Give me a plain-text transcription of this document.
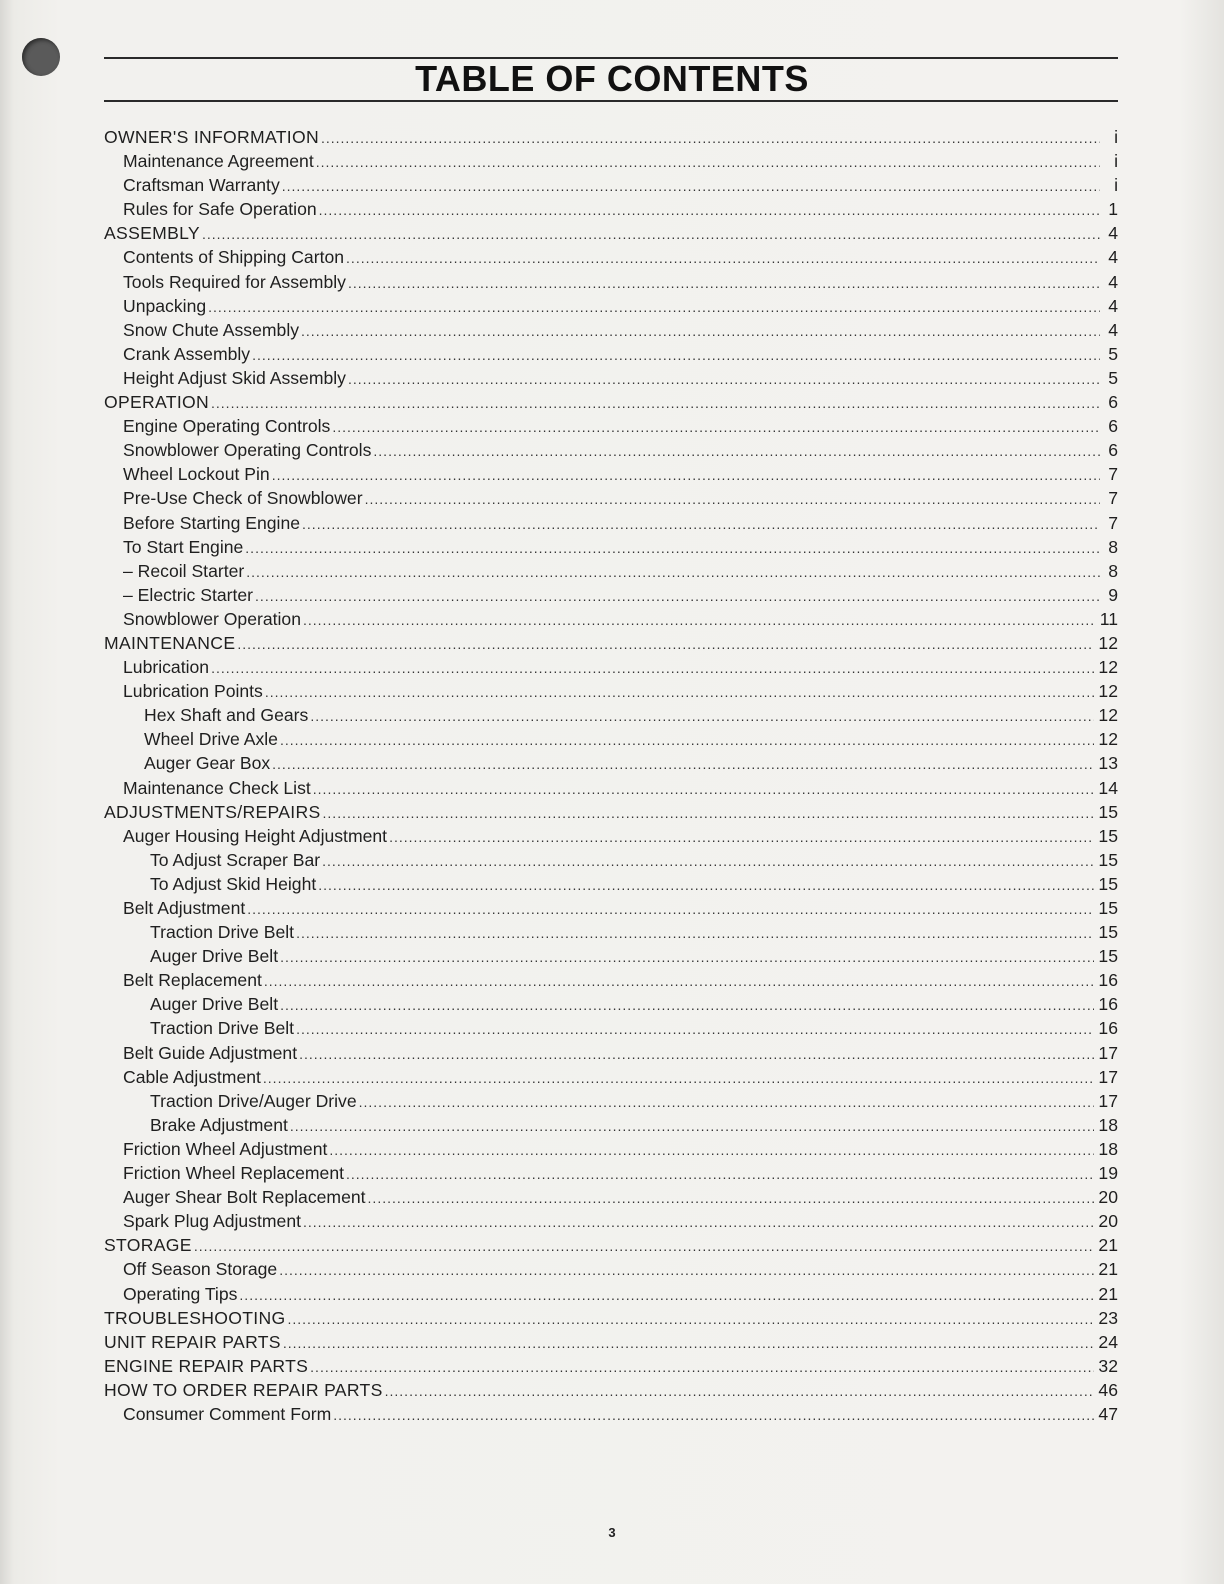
TABLE OF CONTENTS
OWNER'S INFORMATION .....	i
Maintenance Agreement .....	i
Craftsman Warranty .....	i
Rules for Safe Operation .....	1
ASSEMBLY .....	4
Contents of Shipping Carton .....	4
Tools Required for Assembly .....	4
Unpacking .....	4
Snow Chute Assembly .....	4
Crank Assembly .....	5
Height Adjust Skid Assembly .....	5
OPERATION .....	6
Engine Operating Controls .....	6
Snowblower Operating Controls .....	6
Wheel Lockout Pin .....	7
Pre-Use Check of Snowblower .....	7
Before Starting Engine .....	7
To Start Engine .....	8
– Recoil Starter .....	8
– Electric Starter .....	9
Snowblower Operation .....	11
MAINTENANCE .....	12
Lubrication .....	12
Lubrication Points .....	12
Hex Shaft and Gears .....	12
Wheel Drive Axle .....	12
Auger Gear Box .....	13
Maintenance Check List .....	14
ADJUSTMENTS/REPAIRS .....	15
Auger Housing Height Adjustment .....	15
To Adjust Scraper Bar .....	15
To Adjust Skid Height .....	15
Belt Adjustment .....	15
Traction Drive Belt .....	15
Auger Drive Belt .....	15
Belt Replacement .....	16
Auger Drive Belt .....	16
Traction Drive Belt .....	16
Belt Guide Adjustment .....	17
Cable Adjustment .....	17
Traction Drive/Auger Drive .....	17
Brake Adjustment .....	18
Friction Wheel Adjustment .....	18
Friction Wheel Replacement .....	19
Auger Shear Bolt Replacement .....	20
Spark Plug Adjustment .....	20
STORAGE .....	21
Off Season Storage .....	21
Operating Tips .....	21
TROUBLESHOOTING .....	23
UNIT REPAIR PARTS .....	24
ENGINE REPAIR PARTS .....	32
HOW TO ORDER REPAIR PARTS .....	46
Consumer Comment Form .....	47
3
